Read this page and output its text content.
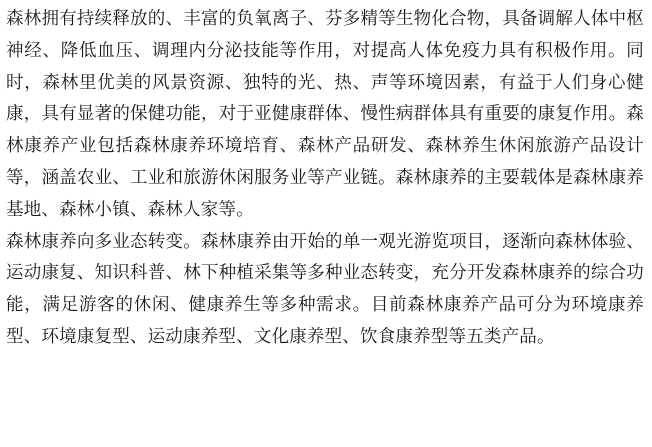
森林拥有持续释放的、丰富的负氧离子、芬多精等生物化合物，具备调解人体中枢神经、降低血压、调理内分泌技能等作用，对提高人体免疫力具有积极作用。同时，森林里优美的风景资源、独特的光、热、声等环境因素，有益于人们身心健康，具有显著的保健功能，对于亚健康群体、慢性病群体具有重要的康复作用。森林康养产业包括森林康养环境培育、森林产品研发、森林养生休闲旅游产品设计等，涵盖农业、工业和旅游休闲服务业等产业链。森林康养的主要载体是森林康养基地、森林小镇、森林人家等。

森林康养向多业态转变。森林康养由开始的单一观光游览项目，逐渐向森林体验、运动康复、知识科普、林下种植采集等多种业态转变，充分开发森林康养的综合功能，满足游客的休闲、健康养生等多种需求。目前森林康养产品可分为环境康养型、环境康复型、运动康养型、文化康养型、饮食康养型等五类产品。
